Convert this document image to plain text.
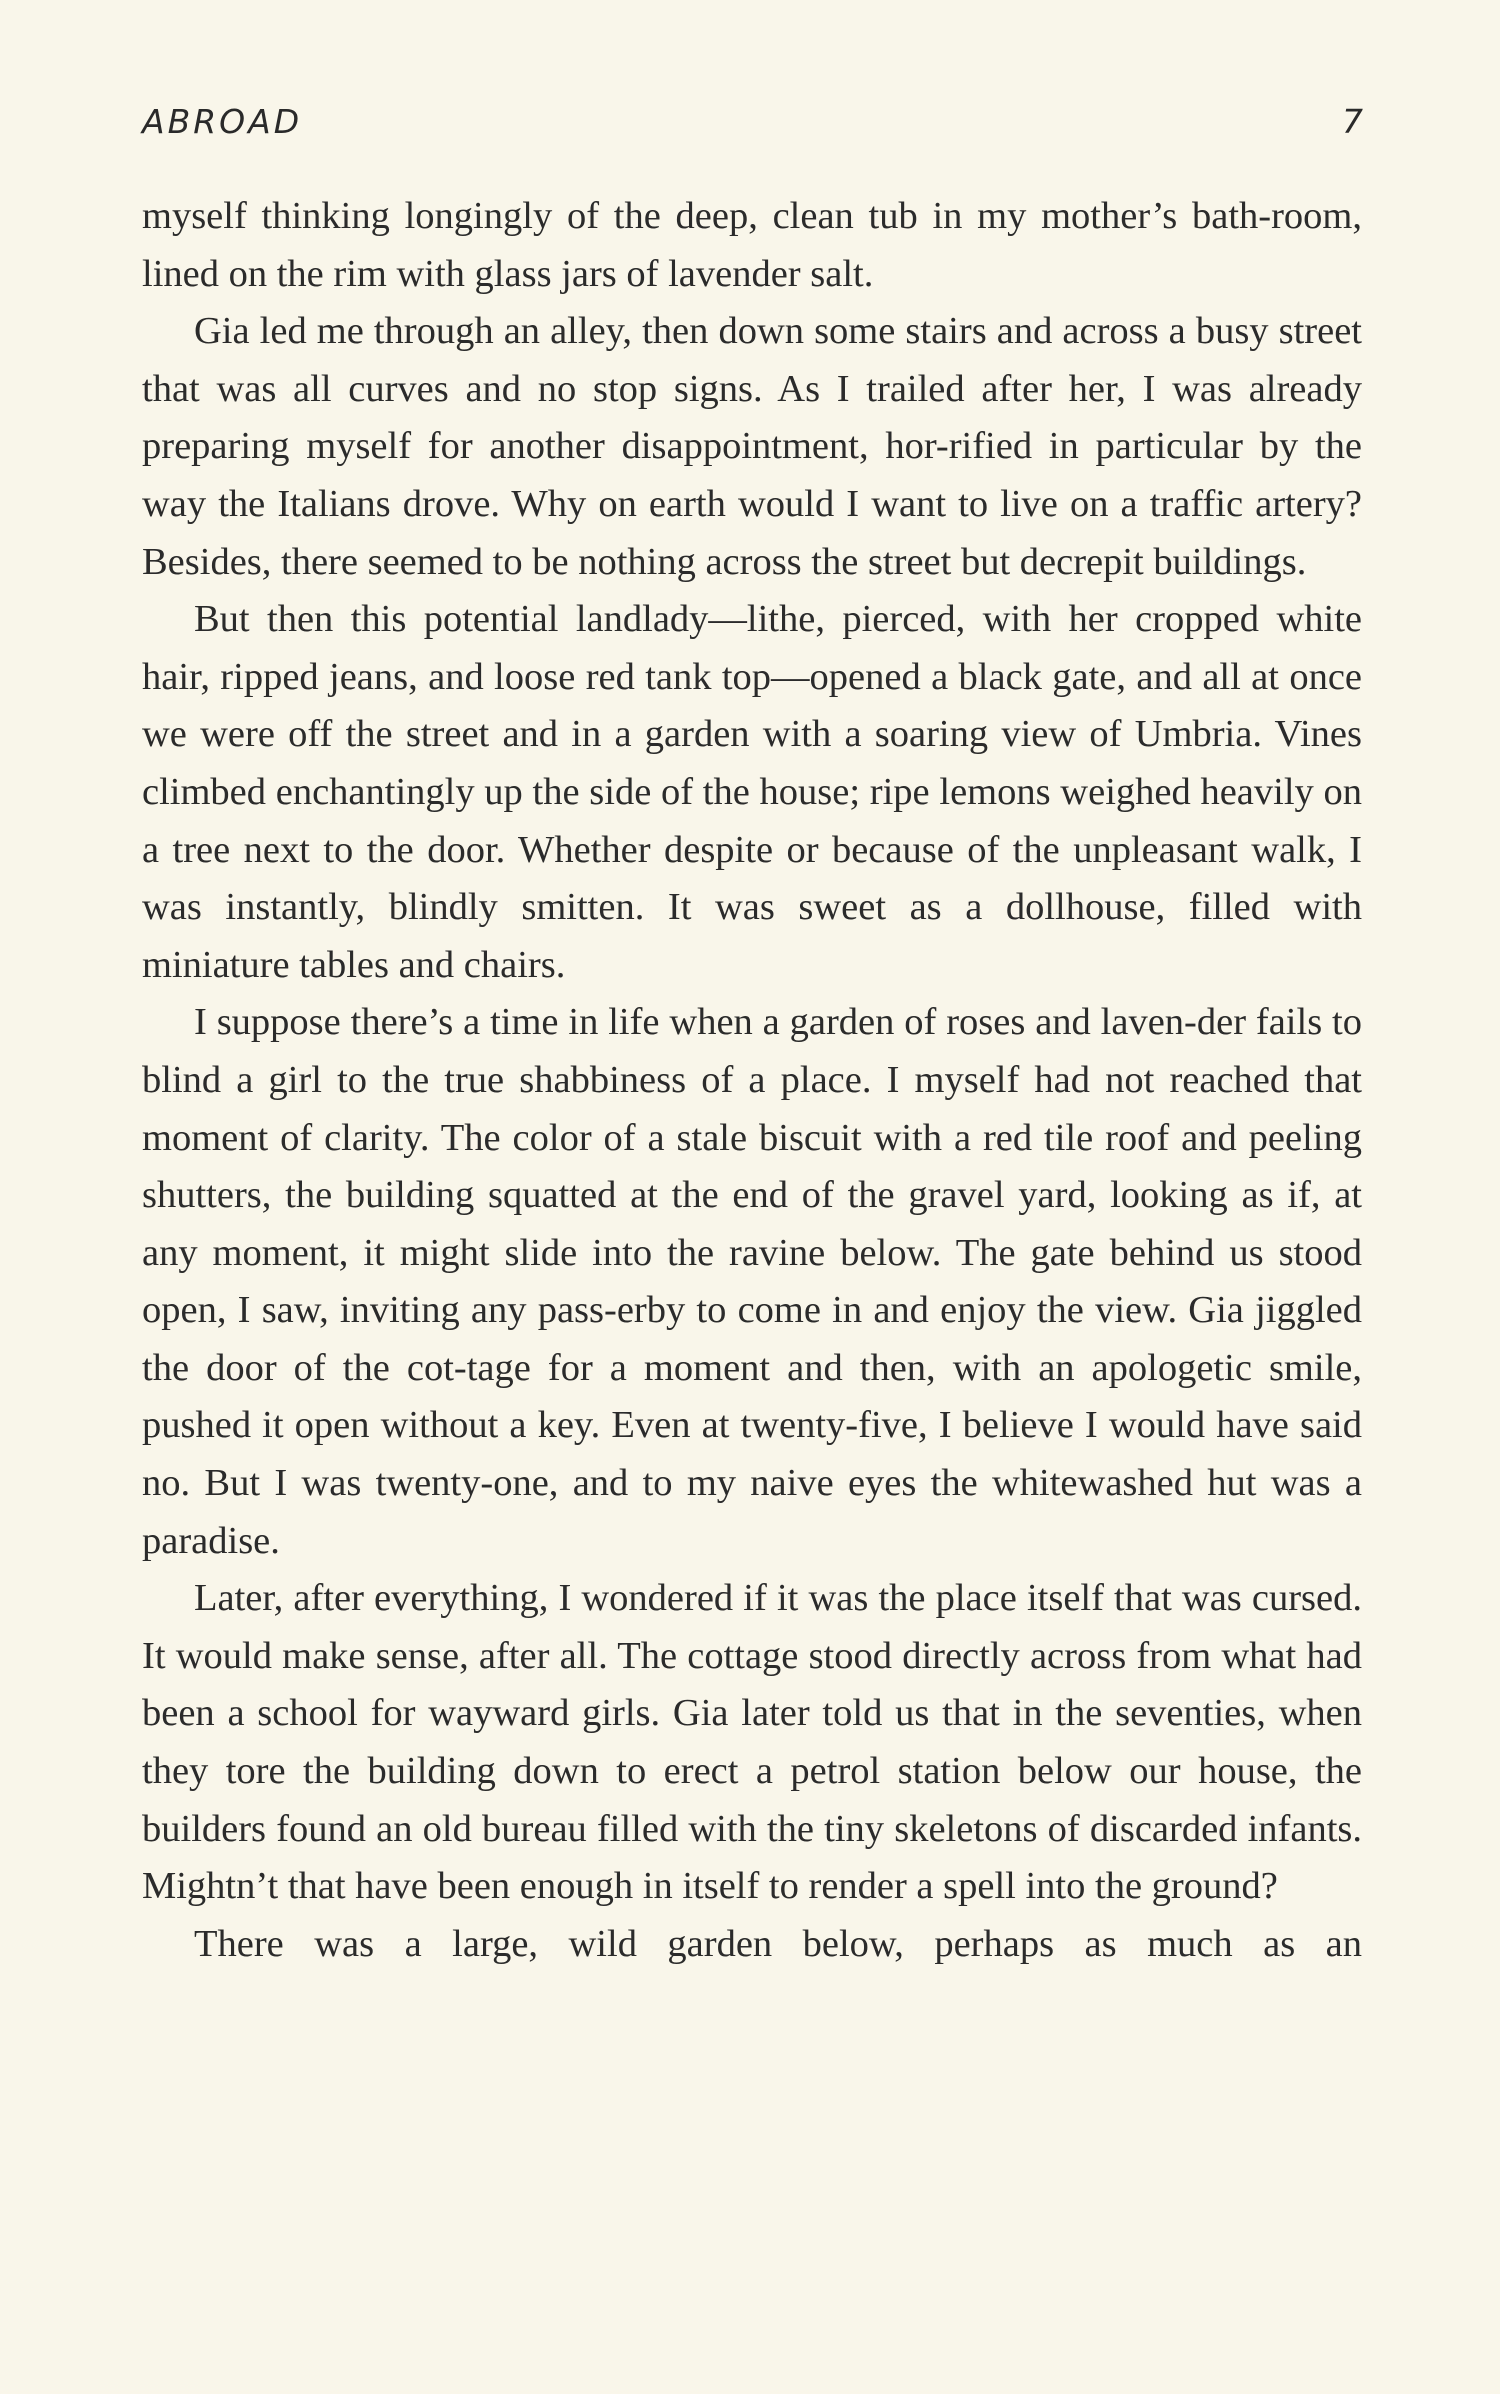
ABROAD	7

myself thinking longingly of the deep, clean tub in my mother’s bath-room, lined on the rim with glass jars of lavender salt.

Gia led me through an alley, then down some stairs and across a busy street that was all curves and no stop signs. As I trailed after her, I was already preparing myself for another disappointment, hor-rified in particular by the way the Italians drove. Why on earth would I want to live on a traffic artery? Besides, there seemed to be nothing across the street but decrepit buildings.

But then this potential landlady—lithe, pierced, with her cropped white hair, ripped jeans, and loose red tank top—opened a black gate, and all at once we were off the street and in a garden with a soaring view of Umbria. Vines climbed enchantingly up the side of the house; ripe lemons weighed heavily on a tree next to the door. Whether despite or because of the unpleasant walk, I was instantly, blindly smitten. It was sweet as a dollhouse, filled with miniature tables and chairs.

I suppose there’s a time in life when a garden of roses and laven-der fails to blind a girl to the true shabbiness of a place. I myself had not reached that moment of clarity. The color of a stale biscuit with a red tile roof and peeling shutters, the building squatted at the end of the gravel yard, looking as if, at any moment, it might slide into the ravine below. The gate behind us stood open, I saw, inviting any pass-erby to come in and enjoy the view. Gia jiggled the door of the cot-tage for a moment and then, with an apologetic smile, pushed it open without a key. Even at twenty-five, I believe I would have said no. But I was twenty-one, and to my naive eyes the whitewashed hut was a paradise.

Later, after everything, I wondered if it was the place itself that was cursed. It would make sense, after all. The cottage stood directly across from what had been a school for wayward girls. Gia later told us that in the seventies, when they tore the building down to erect a petrol station below our house, the builders found an old bureau filled with the tiny skeletons of discarded infants. Mightn’t that have been enough in itself to render a spell into the ground?

There was a large, wild garden below, perhaps as much as an
